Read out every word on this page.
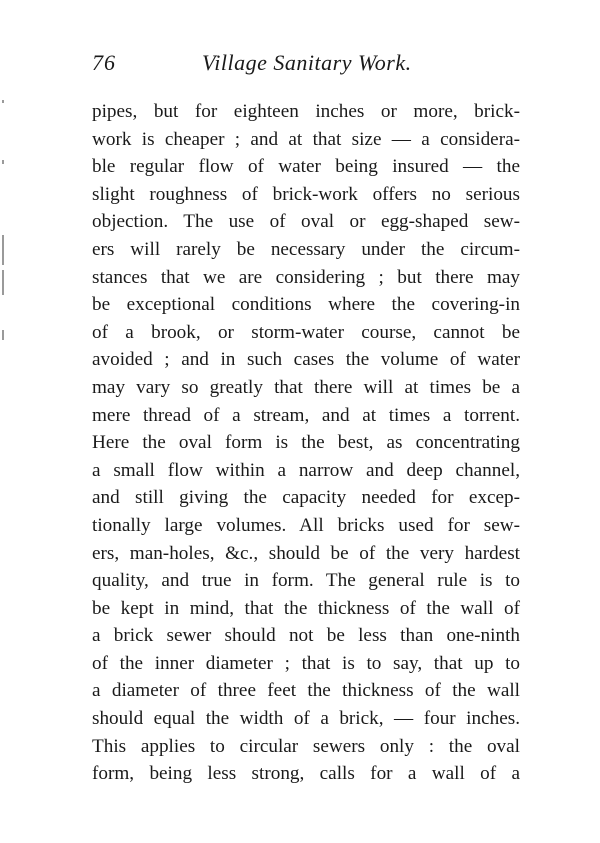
76	Village Sanitary Work.
pipes, but for eighteen inches or more, brick-
work is cheaper ; and at that size — a considera-
ble regular flow of water being insured — the
slight roughness of brick-work offers no serious
objection. The use of oval or egg-shaped sew-
ers will rarely be necessary under the circum-
stances that we are considering ; but there may
be exceptional conditions where the covering-in
of a brook, or storm-water course, cannot be
avoided ; and in such cases the volume of water
may vary so greatly that there will at times be a
mere thread of a stream, and at times a torrent.
Here the oval form is the best, as concentrating
a small flow within a narrow and deep channel,
and still giving the capacity needed for excep-
tionally large volumes. All bricks used for sew-
ers, man-holes, &c., should be of the very hardest
quality, and true in form. The general rule is to
be kept in mind, that the thickness of the wall of
a brick sewer should not be less than one-ninth
of the inner diameter ; that is to say, that up to
a diameter of three feet the thickness of the wall
should equal the width of a brick, — four inches.
This applies to circular sewers only : the oval
form, being less strong, calls for a wall of a
